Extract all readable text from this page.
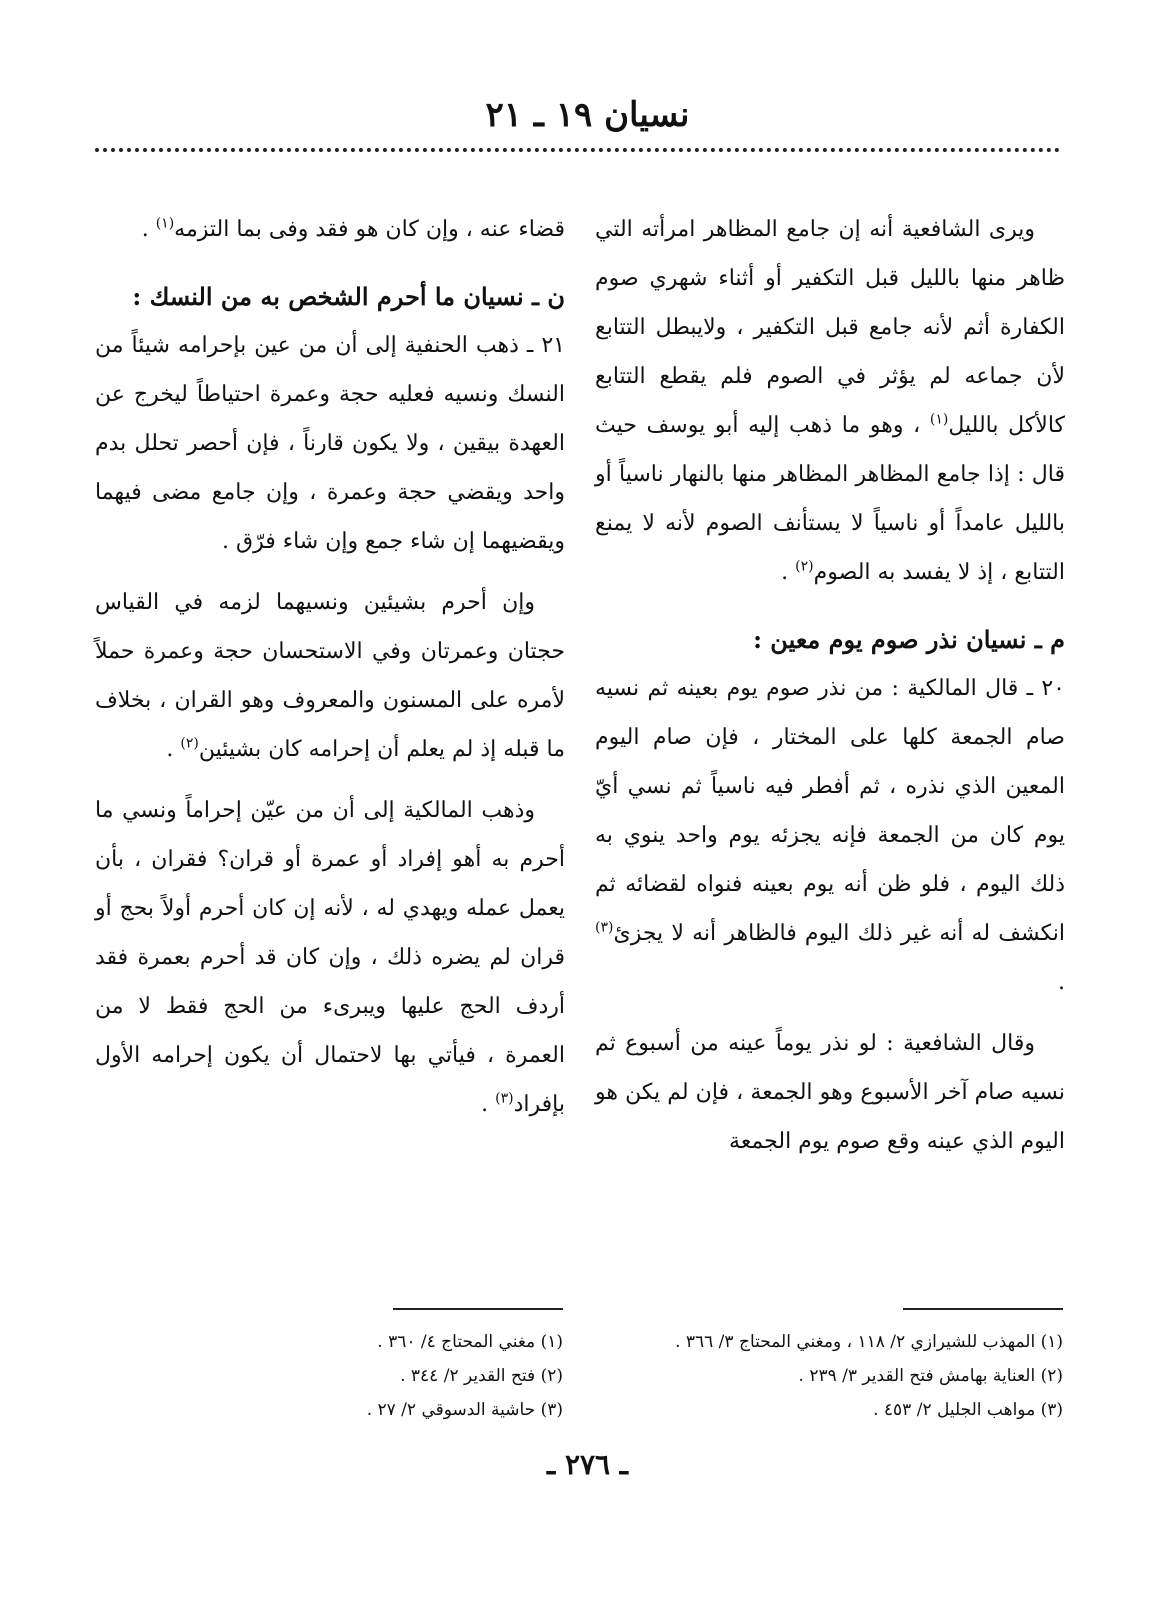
نسيان ١٩ ـ ٢١

ويرى الشافعية أنه إن جامع المظاهر امرأته التي ظاهر منها بالليل قبل التكفير أو أثناء شهري صوم الكفارة أثم لأنه جامع قبل التكفير ، ولايبطل التتابع لأن جماعه لم يؤثر في الصوم فلم يقطع التتابع كالأكل بالليل$^{(١)}$ ، وهو ما ذهب إليه أبو يوسف حيث قال : إذا جامع المظاهر المظاهر منها بالنهار ناسياً أو بالليل عامداً أو ناسياً لا يستأنف الصوم لأنه لا يمنع التتابع ، إذ لا يفسد به الصوم$^{(٢)}$ .

م ـ نسيان نذر صوم يوم معين :

٢٠ ـ قال المالكية : من نذر صوم يوم بعينه ثم نسيه صام الجمعة كلها على المختار ، فإن صام اليوم المعين الذي نذره ، ثم أفطر فيه ناسياً ثم نسي أيّ يوم كان من الجمعة فإنه يجزئه يوم واحد ينوي به ذلك اليوم ، فلو ظن أنه يوم بعينه فنواه لقضائه ثم انكشف له أنه غير ذلك اليوم فالظاهر أنه لا يجزئ$^{(٣)}$ .

وقال الشافعية : لو نذر يوماً عينه من أسبوع ثم نسيه صام آخر الأسبوع وهو الجمعة ، فإن لم يكن هو اليوم الذي عينه وقع صوم يوم الجمعة

قضاء عنه ، وإن كان هو فقد وفى بما التزمه$^{(١)}$ .

ن ـ نسيان ما أحرم الشخص به من النسك :

٢١ ـ ذهب الحنفية إلى أن من عين بإحرامه شيئاً من النسك ونسيه فعليه حجة وعمرة احتياطاً ليخرج عن العهدة بيقين ، ولا يكون قارناً ، فإن أحصر تحلل بدم واحد ويقضي حجة وعمرة ، وإن جامع مضى فيهما ويقضيهما إن شاء جمع وإن شاء فرّق .

وإن أحرم بشيئين ونسيهما لزمه في القياس حجتان وعمرتان وفي الاستحسان حجة وعمرة حملاً لأمره على المسنون والمعروف وهو القران ، بخلاف ما قبله إذ لم يعلم أن إحرامه كان بشيئين$^{(٢)}$ .

وذهب المالكية إلى أن من عيّن إحراماً ونسي ما أحرم به أهو إفراد أو عمرة أو قران؟ فقران ، بأن يعمل عمله ويهدي له ، لأنه إن كان أحرم أولاً بحج أو قران لم يضره ذلك ، وإن كان قد أحرم بعمرة فقد أردف الحج عليها ويبرىء من الحج فقط لا من العمرة ، فيأتي بها لاحتمال أن يكون إحرامه الأول بإفراد$^{(٣)}$ .

(١) المهذب للشيرازي ٢/ ١١٨ ، ومغني المحتاج ٣/ ٣٦٦ .
(٢) العناية بهامش فتح القدير ٣/ ٢٣٩ .
(٣) مواهب الجليل ٢/ ٤٥٣ .
(١) مغني المحتاج ٤/ ٣٦٠ .
(٢) فتح القدير ٢/ ٣٤٤ .
(٣) حاشية الدسوقي ٢/ ٢٧ .
ـ ٢٧٦ ـ
